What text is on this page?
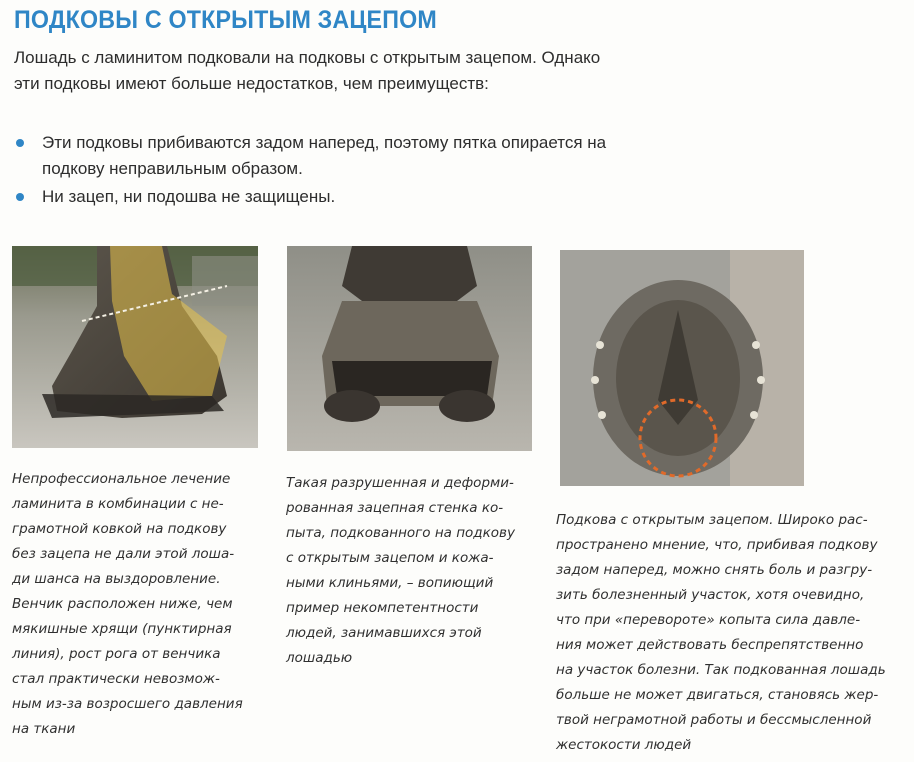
ПОДКОВЫ С ОТКРЫТЫМ ЗАЦЕПОМ
Лошадь с ламинитом подковали на подковы с открытым зацепом. Однако
эти подковы имеют больше недостатков, чем преимуществ:
Эти подковы прибиваются задом наперед, поэтому пятка опирается на
подкову неправильным образом.
Ни зацеп, ни подошва не защищены.
Непрофессиональное лечение
ламинита в комбинации с не-
грамотной ковкой на подкову
без зацепа не дали этой лоша-
ди шанса на выздоровление.
Венчик расположен ниже, чем
мякишные хрящи (пунктирная
линия), рост рога от венчика
стал практически невозмож-
ным из-за возросшего давления
на ткани
Такая разрушенная и деформи-
рованная зацепная стенка ко-
пыта, подкованного на подкову
с открытым зацепом и кожа-
ными клиньями, – вопиющий
пример некомпетентности
людей, занимавшихся этой
лошадью
Подкова с открытым зацепом. Широко рас-
пространено мнение, что, прибивая подкову
задом наперед, можно снять боль и разгру-
зить болезненный участок, хотя очевидно,
что при «перевороте» копыта сила давле-
ния может действовать беспрепятственно
на участок болезни. Так подкованная лошадь
больше не может двигаться, становясь жер-
твой неграмотной работы и бессмысленной
жестокости людей
